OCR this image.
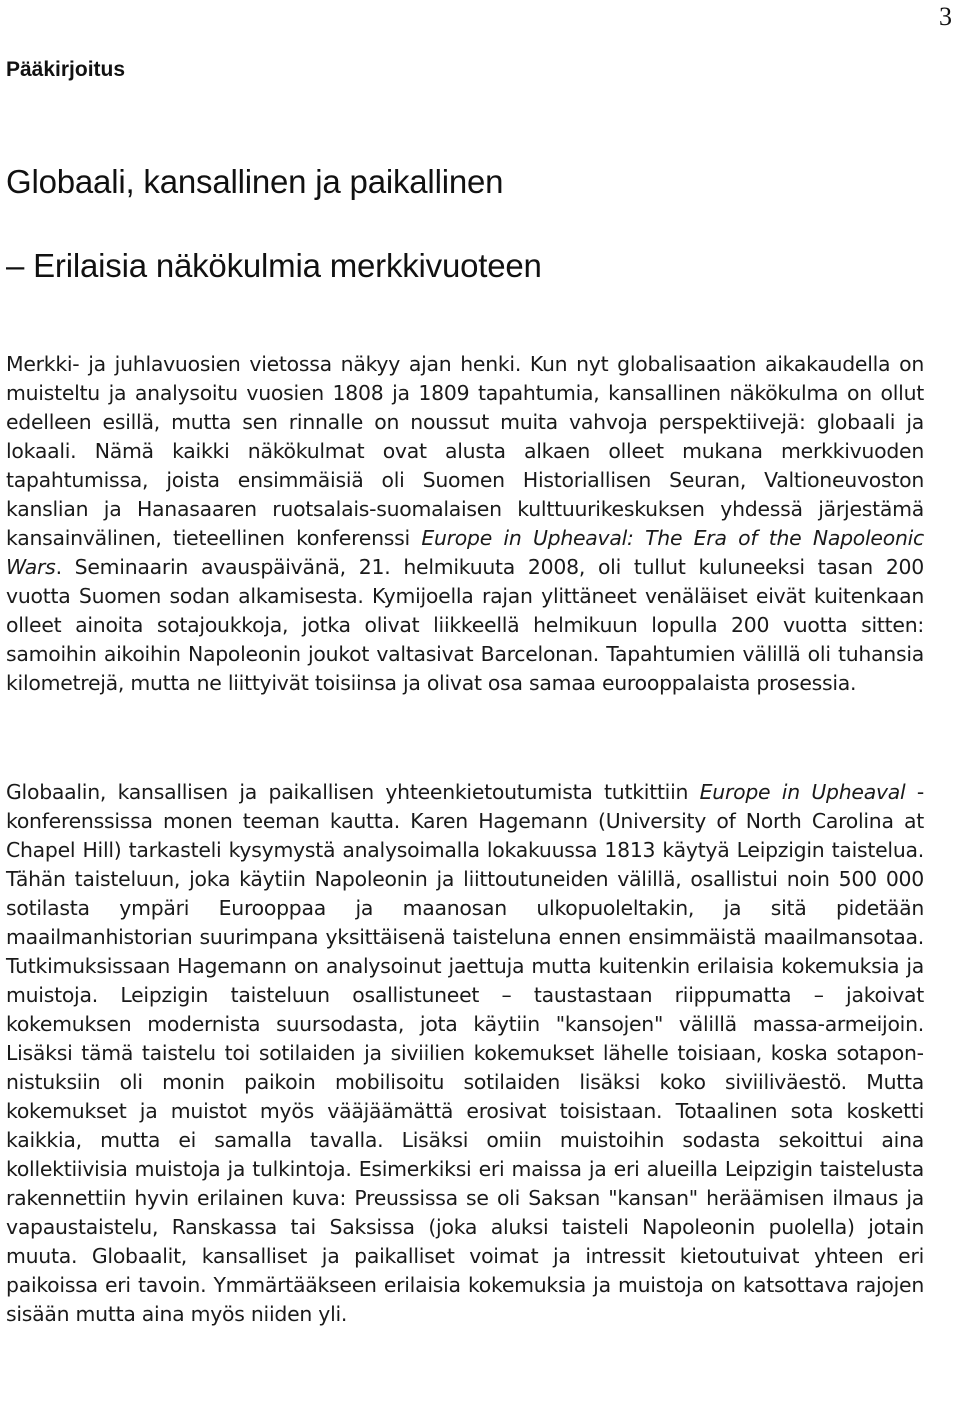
3
Pääkirjoitus
Globaali, kansallinen ja paikallinen
– Erilaisia näkökulmia merkkivuoteen

Merkki- ja juhlavuosien vietossa näkyy ajan henki. Kun nyt globalisaation aikakaudella on muisteltu ja analysoitu vuosien 1808 ja 1809 tapahtumia, kansallinen näkökulma on ollut edelleen esillä, mutta sen rinnalle on noussut muita vahvoja perspektiivejä: globaali ja lokaali. Nämä kaikki näkökulmat ovat alusta alkaen olleet mukana merkkivuoden tapahtumissa, joista ensimmäisiä oli Suomen Historiallisen Seuran, Valtioneuvoston kanslian ja Hanasaaren ruotsalais-suomalaisen kulttuurikeskuksen yhdessä järjestämä kansainvälinen, tieteellinen konferenssi Europe in Upheaval: The Era of the Napoleonic Wars. Seminaarin avauspäivänä, 21. helmikuuta 2008, oli tullut kuluneeksi tasan 200 vuotta Suomen sodan alkamisesta. Kymijoella rajan ylittäneet venäläiset eivät kuitenkaan olleet ainoita sotajoukkoja, jotka olivat liikkeellä helmikuun lopulla 200 vuotta sitten: samoihin aikoihin Napoleonin joukot valtasivat Barcelonan. Tapahtumien välillä oli tuhansia kilometrejä, mutta ne liittyivät toisiinsa ja olivat osa samaa eurooppalaista prosessia.

Globaalin, kansallisen ja paikallisen yhteenkietoutumista tutkittiin Europe in Upheaval -konferenssissa monen teeman kautta. Karen Hagemann (University of North Carolina at Chapel Hill) tarkasteli kysymystä analysoimalla lokakuussa 1813 käytyä Leipzigin taistelua. Tähän taisteluun, joka käytiin Napoleonin ja liittoutuneiden välillä, osallistui noin 500 000 sotilasta ympäri Eurooppaa ja maanosan ulkopuoleltakin, ja sitä pidetään maailmanhistorian suurimpana yksittäisenä taisteluna ennen ensimmäistä maailmansotaa. Tutkimuksissaan Hagemann on analysoinut jaettuja mutta kuitenkin erilaisia kokemuksia ja muistoja. Leipzigin taisteluun osallistuneet – taustastaan riippumatta – jakoivat kokemuksen modernista suursodasta, jota käytiin "kansojen" välillä massa-armeijoin. Lisäksi tämä taistelu toi sotilaiden ja siviilien kokemukset lähelle toisiaan, koska sotaponnistuksiin oli monin paikoin mobilisoitu sotilaiden lisäksi koko siviiliväestö. Mutta kokemukset ja muistot myös vääjäämättä erosivat toisistaan. Totaalinen sota kosketti kaikkia, mutta ei samalla tavalla. Lisäksi omiin muistoihin sodasta sekoittui aina kollektiivisia muistoja ja tulkintoja. Esimerkiksi eri maissa ja eri alueilla Leipzigin taistelusta rakennettiin hyvin erilainen kuva: Preussissa se oli Saksan "kansan" heräämisen ilmaus ja vapaustaistelu, Ranskassa tai Saksissa (joka aluksi taisteli Napoleonin puolella) jotain muuta. Globaalit, kansalliset ja paikalliset voimat ja intressit kietoutuivat yhteen eri paikoissa eri tavoin. Ymmärtääkseen erilaisia kokemuksia ja muistoja on katsottava rajojen sisään mutta aina myös niiden yli.
